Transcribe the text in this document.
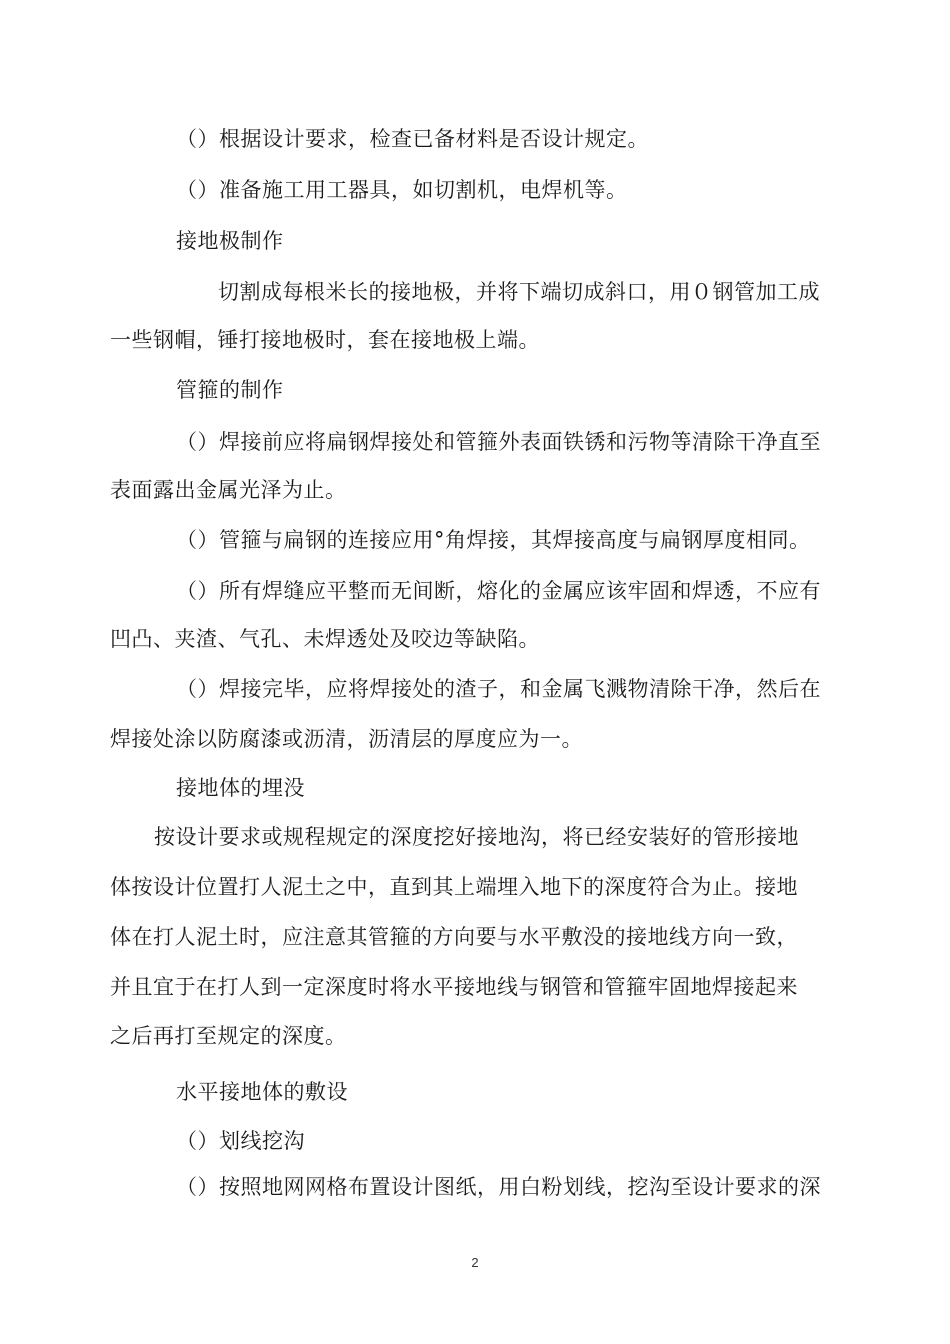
（）根据设计要求，检查已备材料是否设计规定。
（）准备施工用工器具，如切割机，电焊机等。
接地极制作
切割成每根米长的接地极，并将下端切成斜口，用０钢管加工成
一些钢帽，锤打接地极时，套在接地极上端。
管箍的制作
（）焊接前应将扁钢焊接处和管箍外表面铁锈和污物等清除干净直至
表面露出金属光泽为止。
（）管箍与扁钢的连接应用°角焊接，其焊接高度与扁钢厚度相同。
（）所有焊缝应平整而无间断，熔化的金属应该牢固和焊透，不应有
凹凸、夹渣、气孔、未焊透处及咬边等缺陷。
（）焊接完毕，应将焊接处的渣子，和金属飞溅物清除干净，然后在
焊接处涂以防腐漆或沥清，沥清层的厚度应为一。
接地体的埋没
按设计要求或规程规定的深度挖好接地沟，将已经安装好的管形接地
体按设计位置打人泥土之中，直到其上端埋入地下的深度符合为止。接地
体在打人泥土时，应注意其管箍的方向要与水平敷没的接地线方向一致，
并且宜于在打人到一定深度时将水平接地线与钢管和管箍牢固地焊接起来
之后再打至规定的深度。
水平接地体的敷设
（）划线挖沟
（）按照地网网格布置设计图纸，用白粉划线，挖沟至设计要求的深
2
